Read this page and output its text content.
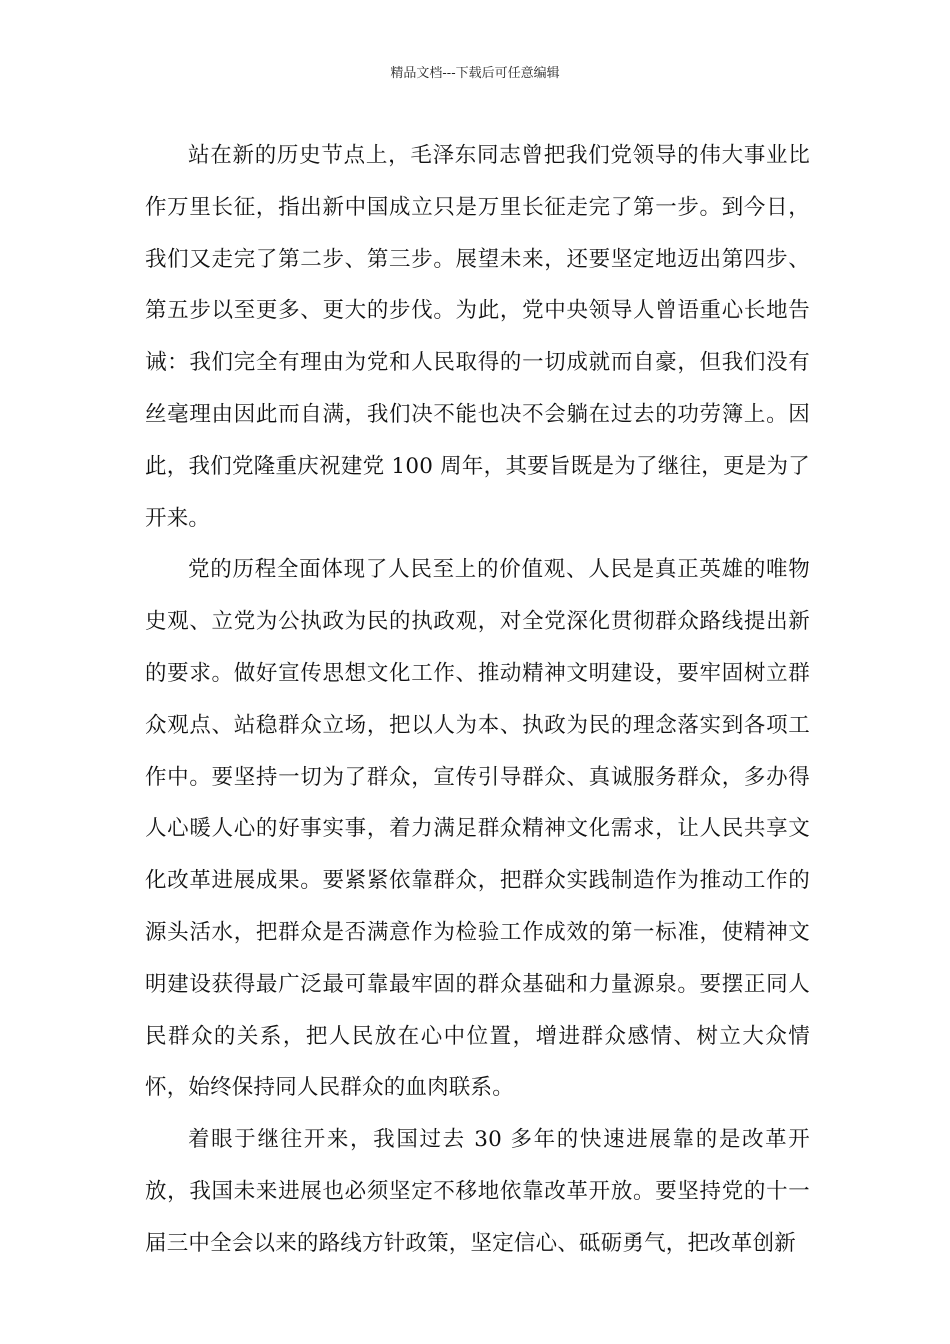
精品文档---下载后可任意编辑

站在新的历史节点上，毛泽东同志曾把我们党领导的伟大事业比作万里长征，指出新中国成立只是万里长征走完了第一步。到今日，我们又走完了第二步、第三步。展望未来，还要坚定地迈出第四步、第五步以至更多、更大的步伐。为此，党中央领导人曾语重心长地告诫：我们完全有理由为党和人民取得的一切成就而自豪，但我们没有丝毫理由因此而自满，我们决不能也决不会躺在过去的功劳簿上。因此，我们党隆重庆祝建党 100 周年，其要旨既是为了继往，更是为了开来。

党的历程全面体现了人民至上的价值观、人民是真正英雄的唯物史观、立党为公执政为民的执政观，对全党深化贯彻群众路线提出新的要求。做好宣传思想文化工作、推动精神文明建设，要牢固树立群众观点、站稳群众立场，把以人为本、执政为民的理念落实到各项工作中。要坚持一切为了群众，宣传引导群众、真诚服务群众，多办得人心暖人心的好事实事，着力满足群众精神文化需求，让人民共享文化改革进展成果。要紧紧依靠群众，把群众实践制造作为推动工作的源头活水，把群众是否满意作为检验工作成效的第一标准，使精神文明建设获得最广泛最可靠最牢固的群众基础和力量源泉。要摆正同人民群众的关系，把人民放在心中位置，增进群众感情、树立大众情怀，始终保持同人民群众的血肉联系。

着眼于继往开来，我国过去 30 多年的快速进展靠的是改革开放，我国未来进展也必须坚定不移地依靠改革开放。要坚持党的十一届三中全会以来的路线方针政策，坚定信心、砥砺勇气，把改革创新
